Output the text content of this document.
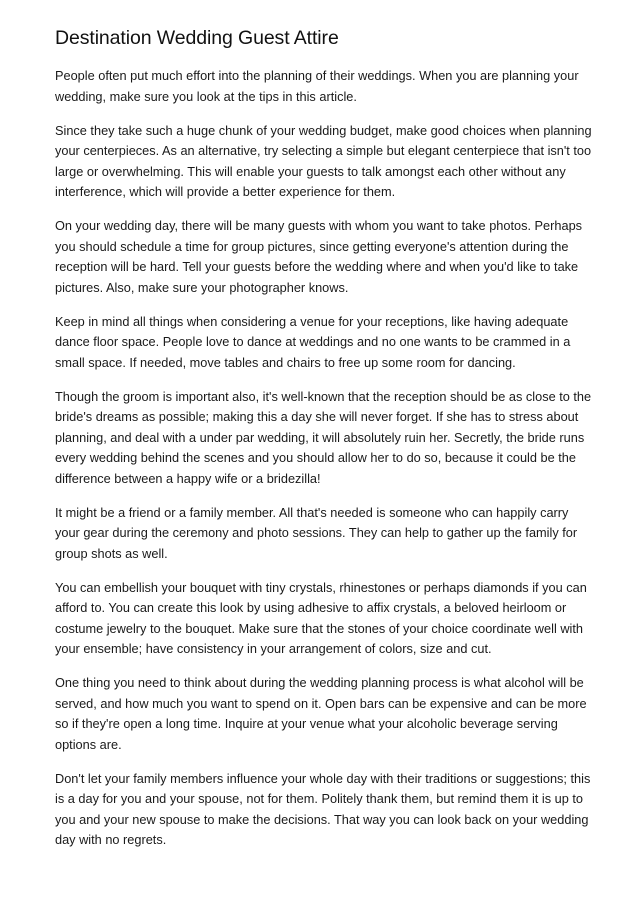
Destination Wedding Guest Attire

People often put much effort into the planning of their weddings. When you are planning your wedding, make sure you look at the tips in this article.

Since they take such a huge chunk of your wedding budget, make good choices when planning your centerpieces. As an alternative, try selecting a simple but elegant centerpiece that isn't too large or overwhelming. This will enable your guests to talk amongst each other without any interference, which will provide a better experience for them.

On your wedding day, there will be many guests with whom you want to take photos. Perhaps you should schedule a time for group pictures, since getting everyone's attention during the reception will be hard. Tell your guests before the wedding where and when you'd like to take pictures. Also, make sure your photographer knows.

Keep in mind all things when considering a venue for your receptions, like having adequate dance floor space. People love to dance at weddings and no one wants to be crammed in a small space. If needed, move tables and chairs to free up some room for dancing.

Though the groom is important also, it's well-known that the reception should be as close to the bride's dreams as possible; making this a day she will never forget. If she has to stress about planning, and deal with a under par wedding, it will absolutely ruin her. Secretly, the bride runs every wedding behind the scenes and you should allow her to do so, because it could be the difference between a happy wife or a bridezilla!

It might be a friend or a family member. All that's needed is someone who can happily carry your gear during the ceremony and photo sessions. They can help to gather up the family for group shots as well.

You can embellish your bouquet with tiny crystals, rhinestones or perhaps diamonds if you can afford to. You can create this look by using adhesive to affix crystals, a beloved heirloom or costume jewelry to the bouquet. Make sure that the stones of your choice coordinate well with your ensemble; have consistency in your arrangement of colors, size and cut.

One thing you need to think about during the wedding planning process is what alcohol will be served, and how much you want to spend on it. Open bars can be expensive and can be more so if they're open a long time. Inquire at your venue what your alcoholic beverage serving options are.

Don't let your family members influence your whole day with their traditions or suggestions; this is a day for you and your spouse, not for them. Politely thank them, but remind them it is up to you and your new spouse to make the decisions. That way you can look back on your wedding day with no regrets.
